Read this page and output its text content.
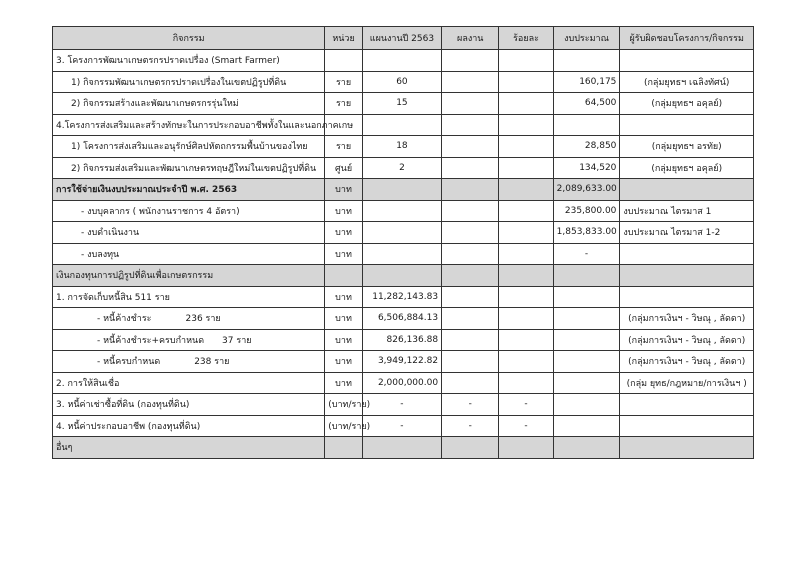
กิจกรรม	หน่วย	แผนงานปี 2563	ผลงาน	ร้อยละ	งบประมาณ	ผู้รับผิดชอบโครงการ/กิจกรรม
3. โครงการพัฒนาเกษตรกรปราดเปรื่อง (Smart Farmer)						
1) กิจกรรมพัฒนาเกษตรกรปราดเปรื่องในเขตปฏิรูปที่ดิน	ราย	60			160,175	(กลุ่มยุทธฯ เฉลิงทัศน์)
2) กิจกรรมสร้างและพัฒนาเกษตรกรรุ่นใหม่	ราย	15			64,500	(กลุ่มยุทธฯ อคุลย์)
4.โครงการส่งเสริมและสร้างทักษะในการประกอบอาชีพทั้งในและนอกภาคเกษ						
1) โครงการส่งเสริมและอนุรักษ์ศิลปหัตถกรรมพื้นบ้านของไทย	ราย	18			28,850	(กลุ่มยุทธฯ อรทัย)
2) กิจกรรมส่งเสริมและพัฒนาเกษตรทฤษฎีใหม่ในเขตปฏิรูปที่ดิน	ศูนย์	2			134,520	(กลุ่มยุทธฯ อคุลย์)
การใช้จ่ายเงินงบประมาณประจำปี พ.ศ. 2563	บาท				2,089,633.00	
- งบบุคลากร ( พนักงานราชการ 4 อัตรา)	บาท				235,800.00	งบประมาณ ไตรมาส 1
- งบดำเนินงาน	บาท				1,853,833.00	งบประมาณ ไตรมาส 1-2
- งบลงทุน	บาท				-	
เงินกองทุนการปฏิรูปที่ดินเพื่อเกษตรกรรม						
1. การจัดเก็บหนี้สิน 511 ราย	บาท	11,282,143.83				
- หนี้ค้างชำระ 236 ราย	บาท	6,506,884.13				(กลุ่มการเงินฯ - วิษณุ , ลัดดา)
- หนี้ค้างชำระ+ครบกำหนด 37 ราย	บาท	826,136.88				(กลุ่มการเงินฯ - วิษณุ , ลัดดา)
- หนี้ครบกำหนด 238 ราย	บาท	3,949,122.82				(กลุ่มการเงินฯ - วิษณุ , ลัดดา)
2. การให้สินเชื่อ	บาท	2,000,000.00				(กลุ่ม ยุทธ/กฎหมาย/การเงินฯ )
3. หนี้ค่าเช่าซื้อที่ดิน (กองทุนที่ดิน)	(บาท/ราย)	-	-	-		
4. หนี้ค่าประกอบอาชีพ (กองทุนที่ดิน)	(บาท/ราย)	-	-	-		
อื่นๆ						
